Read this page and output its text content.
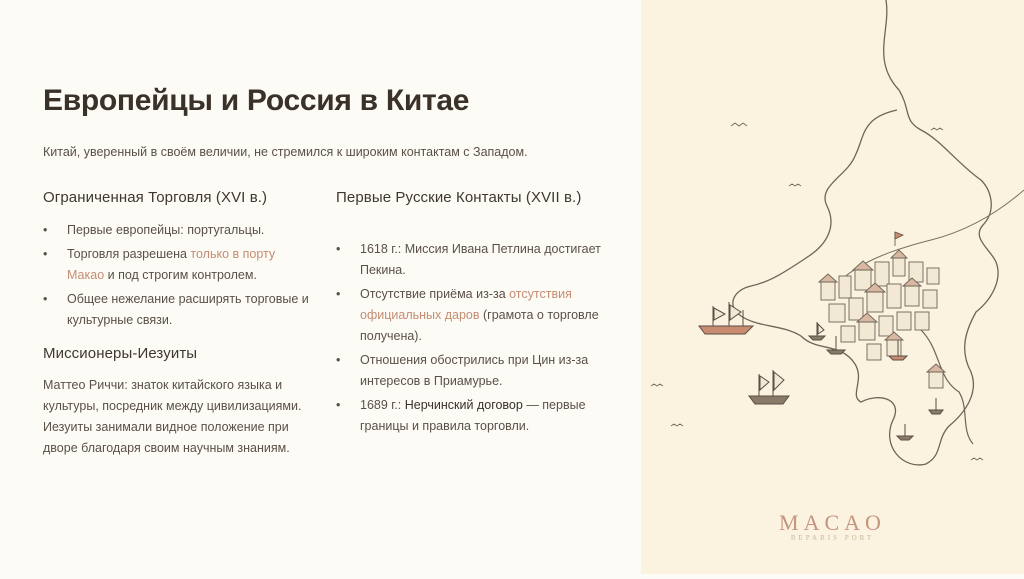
Европейцы и Россия в Китае
Китай, уверенный в своём величии, не стремился к широким контактам с Западом.
Ограниченная Торговля (XVI в.)
• Первые европейцы: португальцы.
• Торговля разрешена только в порту Макао и под строгим контролем.
• Общее нежелание расширять торговые и культурные связи.
Миссионеры-Иезуиты
Маттео Риччи: знаток китайского языка и культуры, посредник между цивилизациями. Иезуиты занимали видное положение при дворе благодаря своим научным знаниям.
Первые Русские Контакты (XVII в.)
• 1618 г.: Миссия Ивана Петлина достигает Пекина.
• Отсутствие приёма из-за отсутствия официальных даров (грамота о торговле получена).
• Отношения обострились при Цин из-за интересов в Приамурье.
• 1689 г.: Нерчинский договор — первые границы и правила торговли.
MACAO
REPARIS PORT
